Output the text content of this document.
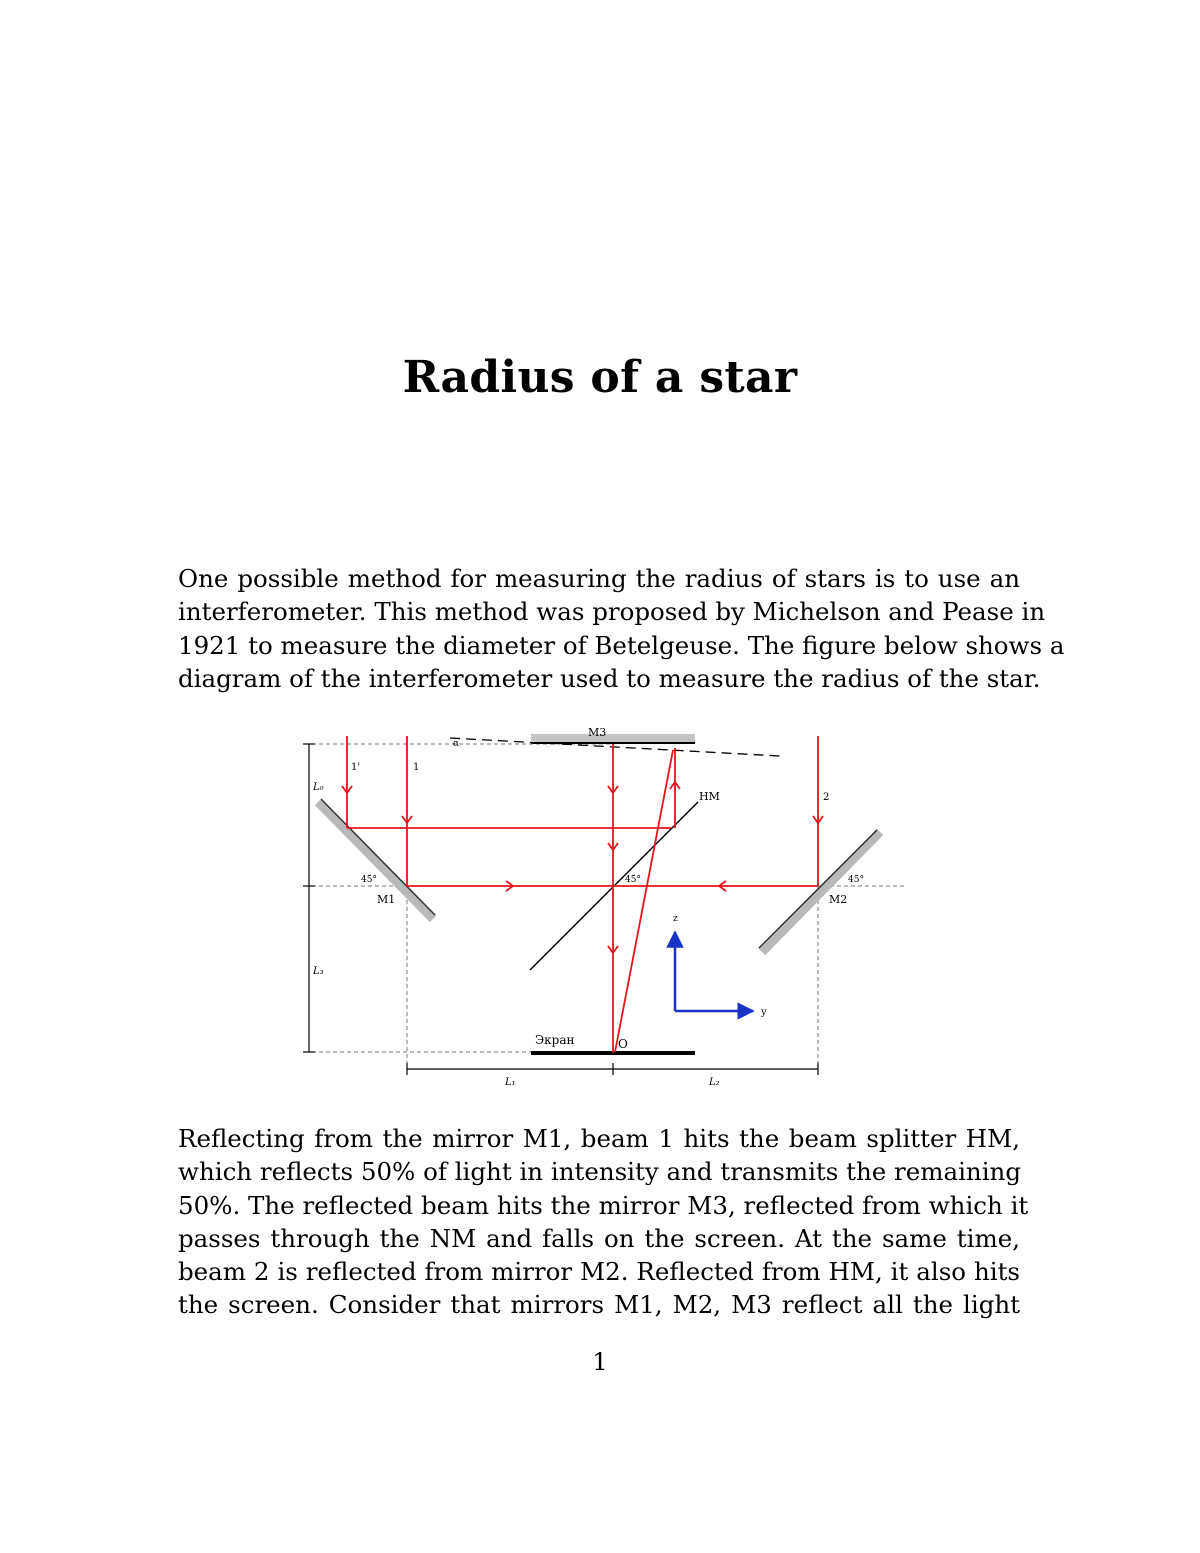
Radius of a star
One possible method for measuring the radius of stars is to use an
interferometer. This method was proposed by Michelson and Pease in
1921 to measure the diameter of Betelgeuse. The figure below shows a
diagram of the interferometer used to measure the radius of the star.
M3
α
HM
1'	1
2
L₀
L₃
45°
M1
45°	45°
M2
z
y
Экран	O
L₁	L₂
Reflecting from the mirror M1, beam 1 hits the beam splitter HM,
which reflects 50% of light in intensity and transmits the remaining
50%. The reflected beam hits the mirror M3, reflected from which it
passes through the NM and falls on the screen. At the same time,
beam 2 is reflected from mirror M2. Reflected from HM, it also hits
the screen. Consider that mirrors M1, M2, M3 reflect all the light
1
